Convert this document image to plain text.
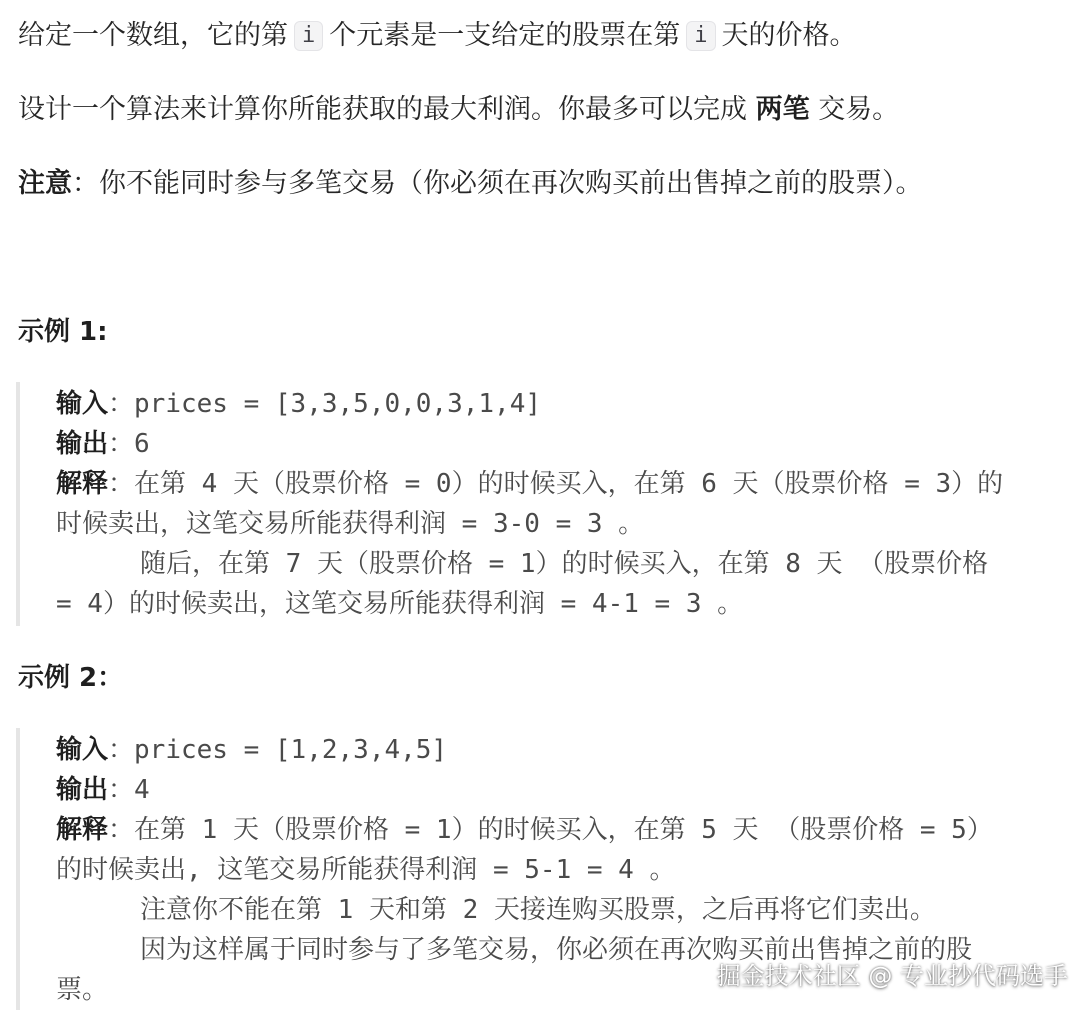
给定一个数组，它的第 i 个元素是一支给定的股票在第 i 天的价格。
设计一个算法来计算你所能获取的最大利润。你最多可以完成 两笔 交易。
注意：你不能同时参与多笔交易（你必须在再次购买前出售掉之前的股票）。
示例 1:
输入：prices = [3,3,5,0,0,3,1,4]
输出：6
解释：在第 4 天（股票价格 = 0）的时候买入，在第 6 天（股票价格 = 3）的
时候卖出，这笔交易所能获得利润 = 3-0 = 3 。
随后，在第 7 天（股票价格 = 1）的时候买入，在第 8 天 （股票价格
= 4）的时候卖出，这笔交易所能获得利润 = 4-1 = 3 。
示例 2：
输入：prices = [1,2,3,4,5]
输出：4
解释：在第 1 天（股票价格 = 1）的时候买入，在第 5 天 （股票价格 = 5）
的时候卖出, 这笔交易所能获得利润 = 5-1 = 4 。
注意你不能在第 1 天和第 2 天接连购买股票，之后再将它们卖出。
因为这样属于同时参与了多笔交易，你必须在再次购买前出售掉之前的股
票。	掘金技术社区 @ 专业抄代码选手
